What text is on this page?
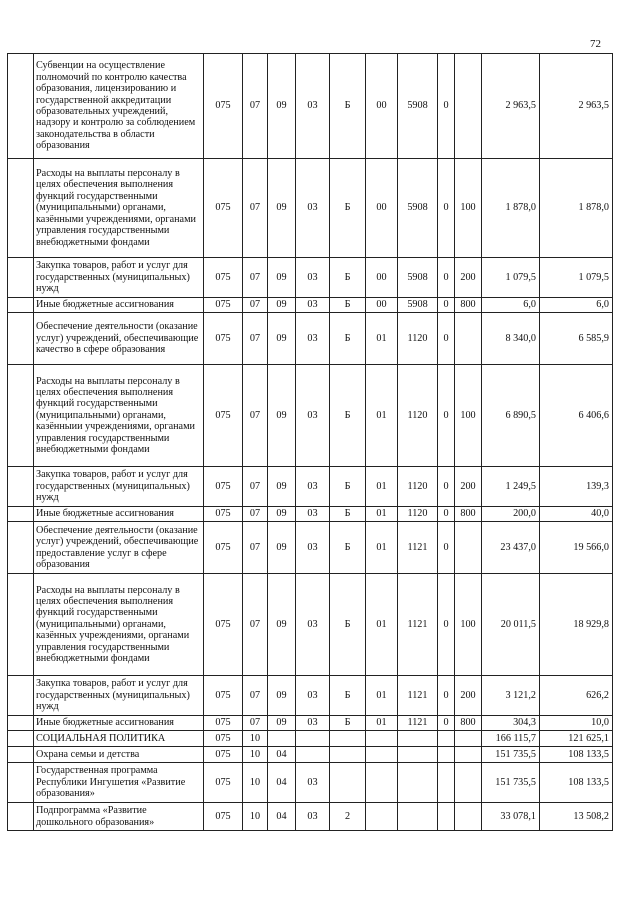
72

	Субвенции на осуществление полномочий по контролю качества образования, лицензированию и государственной аккредитации образовательных учреждений, надзору и контролю за соблюдением законодательства в области образования	075	07	09	03	Б	00	5908	0		2 963,5	2 963,5

	Расходы на выплаты персоналу в целях обеспечения выполнения функций государственными (муниципальными) органами, казёнными учреждениями, органами управления государственными внебюджетными фондами	075	07	09	03	Б	00	5908	0	100	1 878,0	1 878,0

	Закупка товаров, работ и услуг для государственных (муниципальных) нужд	075	07	09	03	Б	00	5908	0	200	1 079,5	1 079,5

	Иные бюджетные ассигнования	075	07	09	03	Б	00	5908	0	800	6,0	6,0

	Обеспечение деятельности (оказание услуг) учреждений, обеспечивающие качество в сфере образования	075	07	09	03	Б	01	1120	0		8 340,0	6 585,9

	Расходы на выплаты персоналу в целях обеспечения выполнения функций государственными (муниципальными) органами, казённыии учреждениями, органами управления государственными внебюджетными фондами	075	07	09	03	Б	01	1120	0	100	6 890,5	6 406,6

	Закупка товаров, работ и услуг для государственных (муниципальных) нужд	075	07	09	03	Б	01	1120	0	200	1 249,5	139,3

	Иные бюджетные ассигнования	075	07	09	03	Б	01	1120	0	800	200,0	40,0

	Обеспечение деятельности (оказание услуг) учреждений, обеспечивающие предоставление услуг в сфере образования	075	07	09	03	Б	01	1121	0		23 437,0	19 566,0

	Расходы на выплаты персоналу в целях обеспечения выполнения функций государственными (муниципальными) органами, казённых учреждениями, органами управления государственными внебюджетными фондами	075	07	09	03	Б	01	1121	0	100	20 011,5	18 929,8

	Закупка товаров, работ и услуг для государственных (муниципальных) нужд	075	07	09	03	Б	01	1121	0	200	3 121,2	626,2

	Иные бюджетные ассигнования	075	07	09	03	Б	01	1121	0	800	304,3	10,0

	СОЦИАЛЬНАЯ ПОЛИТИКА	075	10								166 115,7	121 625,1

	Охрана семьи и детства	075	10	04							151 735,5	108 133,5

	Государственная программа Республики Ингушетия «Развитие образования»	075	10	04	03						151 735,5	108 133,5

	Подпрограмма «Развитие дошкольного образования»	075	10	04	03	2					33 078,1	13 508,2
